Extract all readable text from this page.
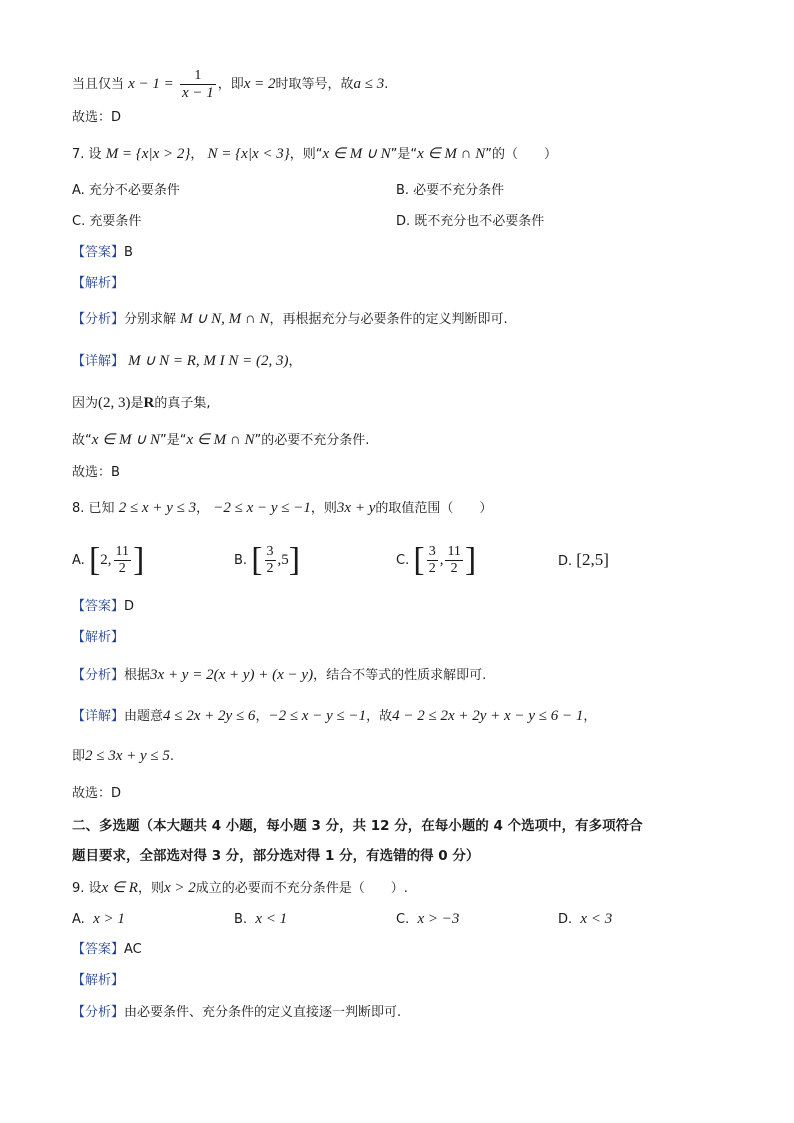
当且仅当 $x - 1 = \frac{1}{x - 1}$ ，即x = 2时取等号，故a ≤ 3.
故选：D
7. 设 M = {x|x > 2}， N = {x|x < 3}，则“x ∈ M ∪ N”是“x ∈ M ∩ N”的（　　）
A. 充分不必要条件	B. 必要不充分条件
C. 充要条件	D. 既不充分也不必要条件
【答案】B
【解析】
【分析】分别求解 M ∪ N, M ∩ N，再根据充分与必要条件的定义判断即可.
【详解】 M ∪ N = R, M I N = (2, 3)，
因为(2, 3)是R的真子集,
故“x ∈ M ∪ N”是“x ∈ M ∩ N”的必要不充分条件.
故选：B
8. 已知 2 ≤ x + y ≤ 3， −2 ≤ x − y ≤ −1，则3x + y的取值范围（　　）
A. [2, $\frac{11}{2}$ ]	B. [ $\frac{3}{2} ,5$]	C. [ $\frac{3}{2}$ , $\frac{11}{2}$ ]	D. [2,5]
【答案】D
【解析】
【分析】根据3x + y = 2(x + y) + (x − y)，结合不等式的性质求解即可.
【详解】由题意4 ≤ 2x + 2y ≤ 6，−2 ≤ x − y ≤ −1，故4 − 2 ≤ 2x + 2y + x − y ≤ 6 − 1，
即2 ≤ 3x + y ≤ 5.
故选：D
二、多选题（本大题共 4 小题，每小题 3 分，共 12 分，在每小题的 4 个选项中，有多项符合
题目要求，全部选对得 3 分，部分选对得 1 分，有选错的得 0 分）
9. 设x ∈ R，则x > 2成立的必要而不充分条件是（　　）.
A. x > 1	B. x < 1	C. x > −3	D. x < 3
【答案】AC
【解析】
【分析】由必要条件、充分条件的定义直接逐一判断即可.
